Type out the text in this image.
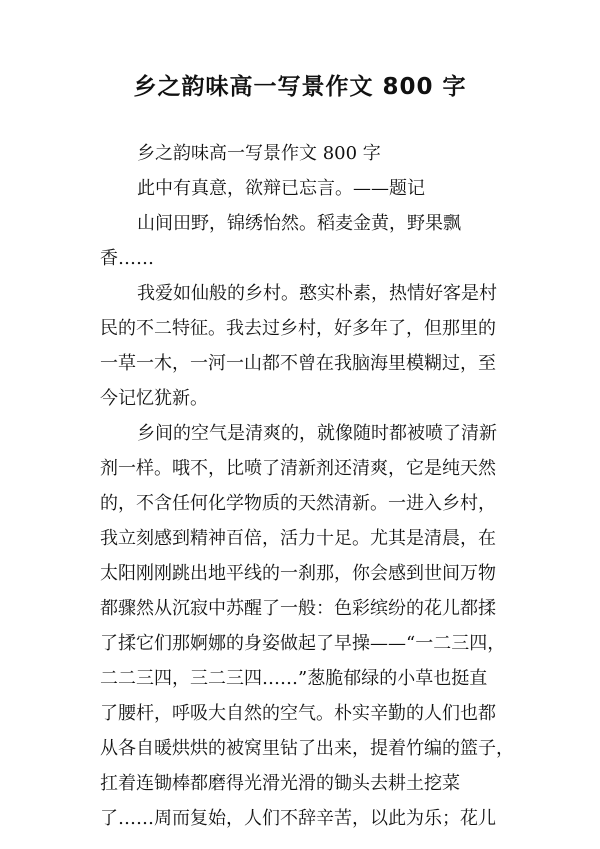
乡之韵味高一写景作文 800 字
乡之韵味高一写景作文 800 字
此中有真意，欲辩已忘言。——题记
山间田野，锦绣怡然。稻麦金黄，野果飘
香……
我爱如仙般的乡村。憨实朴素，热情好客是村
民的不二特征。我去过乡村，好多年了，但那里的
一草一木，一河一山都不曾在我脑海里模糊过，至
今记忆犹新。
乡间的空气是清爽的，就像随时都被喷了清新
剂一样。哦不，比喷了清新剂还清爽，它是纯天然
的，不含任何化学物质的天然清新。一进入乡村，
我立刻感到精神百倍，活力十足。尤其是清晨，在
太阳刚刚跳出地平线的一刹那，你会感到世间万物
都骤然从沉寂中苏醒了一般：色彩缤纷的花儿都揉
了揉它们那婀娜的身姿做起了早操——“一二三四，
二二三四，三二三四……”葱脆郁绿的小草也挺直
了腰杆，呼吸大自然的空气。朴实辛勤的人们也都
从各自暖烘烘的被窝里钻了出来，提着竹编的篮子，
扛着连锄棒都磨得光滑光滑的锄头去耕土挖菜
了……周而复始，人们不辞辛苦，以此为乐；花儿
